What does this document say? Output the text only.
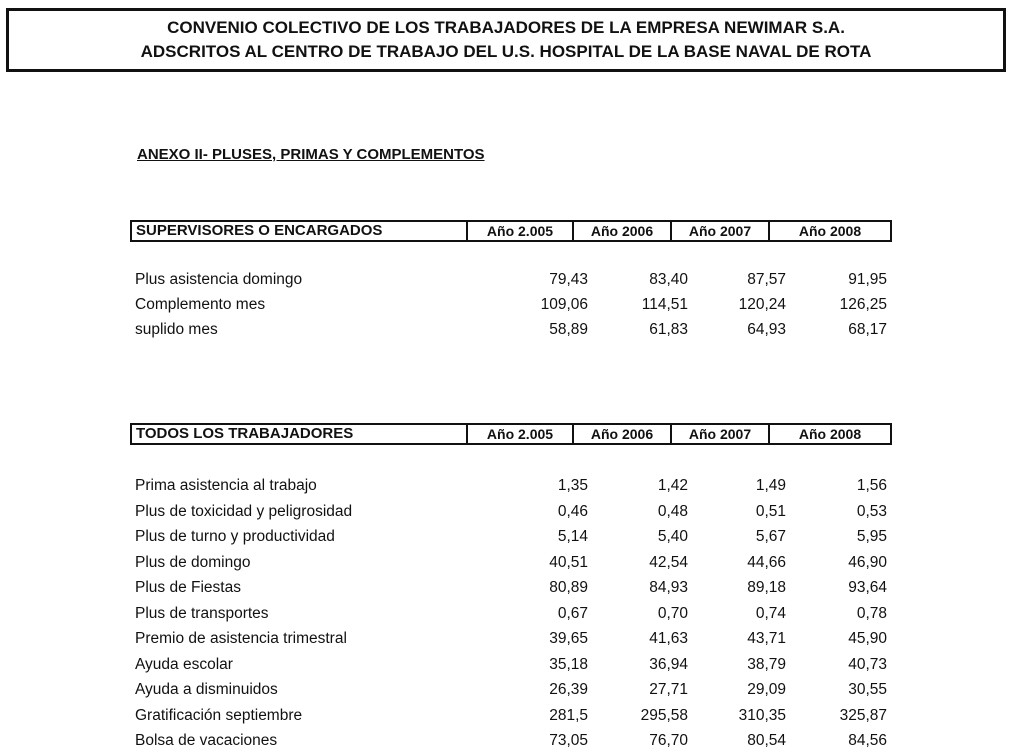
CONVENIO COLECTIVO DE LOS TRABAJADORES DE LA EMPRESA NEWIMAR S.A.
ADSCRITOS AL CENTRO DE TRABAJO DEL U.S. HOSPITAL DE LA BASE NAVAL DE ROTA
ANEXO II- PLUSES, PRIMAS Y COMPLEMENTOS
SUPERVISORES O ENCARGADOS	Año 2.005	Año 2006	Año 2007	Año 2008
Plus asistencia domingo	79,43	83,40	87,57	91,95
Complemento mes	109,06	114,51	120,24	126,25
suplido mes	58,89	61,83	64,93	68,17
TODOS LOS TRABAJADORES	Año 2.005	Año 2006	Año 2007	Año 2008
Prima asistencia al trabajo	1,35	1,42	1,49	1,56
Plus de toxicidad y peligrosidad	0,46	0,48	0,51	0,53
Plus de turno y productividad	5,14	5,40	5,67	5,95
Plus de domingo	40,51	42,54	44,66	46,90
Plus de Fiestas	80,89	84,93	89,18	93,64
Plus de transportes	0,67	0,70	0,74	0,78
Premio de asistencia trimestral	39,65	41,63	43,71	45,90
Ayuda escolar	35,18	36,94	38,79	40,73
Ayuda a disminuidos	26,39	27,71	29,09	30,55
Gratificación septiembre	281,5	295,58	310,35	325,87
Bolsa de vacaciones	73,05	76,70	80,54	84,56
